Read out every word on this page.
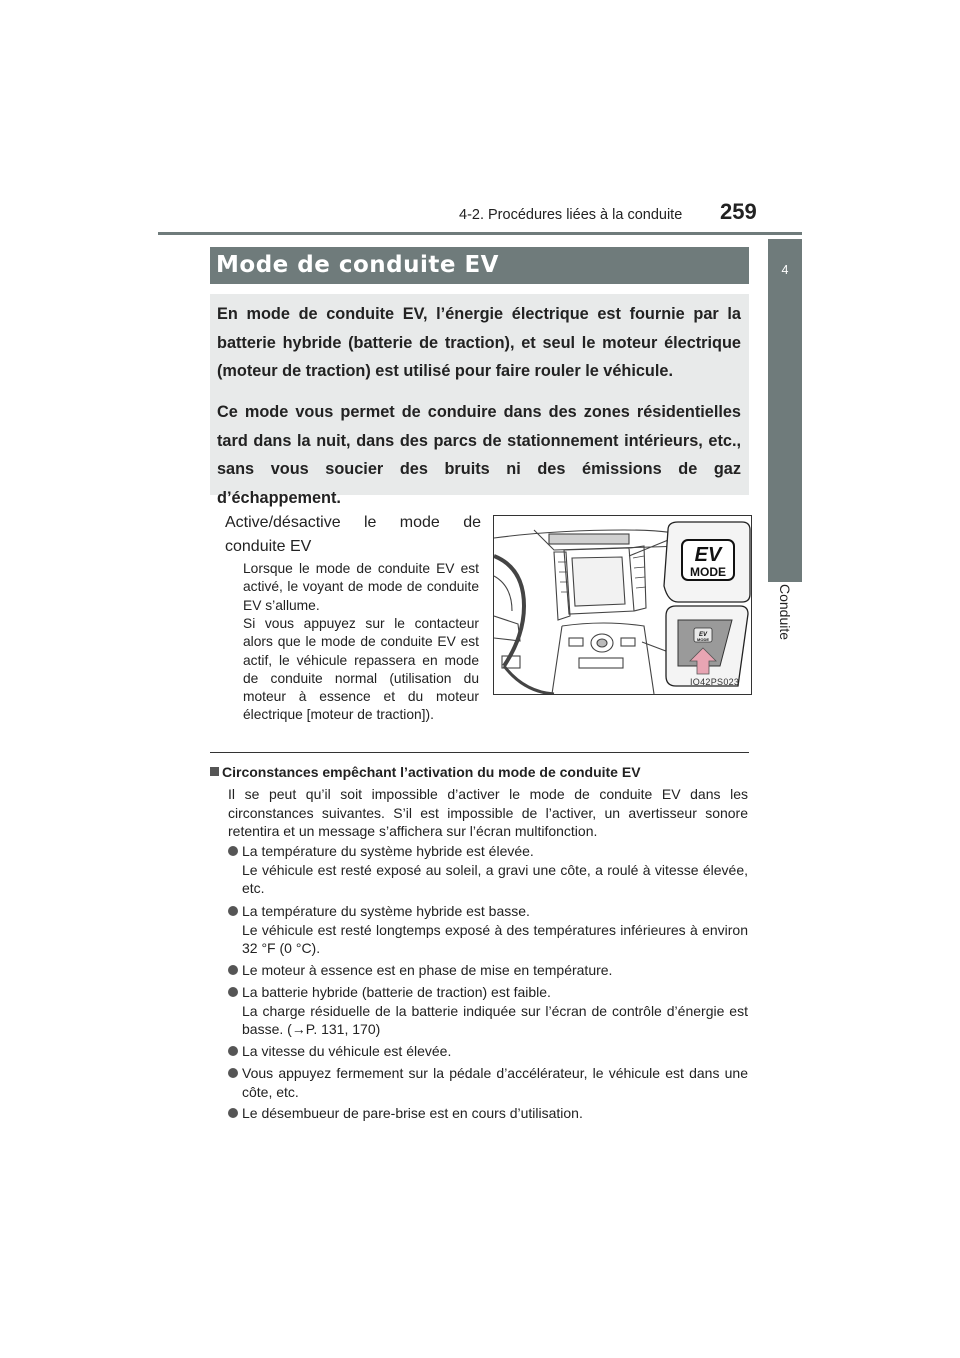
4-2. Procédures liées à la conduite 259
4
Conduite
Mode de conduite EV
En mode de conduite EV, l’énergie électrique est fournie par la batterie hybride (batterie de traction), et seul le moteur électrique (moteur de traction) est utilisé pour faire rouler le véhicule.
Ce mode vous permet de conduire dans des zones résidentielles tard dans la nuit, dans des parcs de stationnement intérieurs, etc., sans vous soucier des bruits ni des émissions de gaz d’échappement.
Active/désactive le mode de conduite EV
Lorsque le mode de conduite EV est activé, le voyant de mode de conduite EV s’allume.
Si vous appuyez sur le contacteur alors que le mode de conduite EV est actif, le véhicule repassera en mode de conduite normal (utilisation du moteur à essence et du moteur électrique [moteur de traction]).
EV
MODE
EV
MODE
IO42PS023
Circonstances empêchant l’activation du mode de conduite EV
Il se peut qu’il soit impossible d’activer le mode de conduite EV dans les circonstances suivantes. S’il est impossible de l’activer, un avertisseur sonore retentira et un message s’affichera sur l’écran multifonction.
La température du système hybride est élevée.
Le véhicule est resté exposé au soleil, a gravi une côte, a roulé à vitesse élevée, etc.
La température du système hybride est basse.
Le véhicule est resté longtemps exposé à des températures inférieures à environ 32 °F (0 °C).
Le moteur à essence est en phase de mise en température.
La batterie hybride (batterie de traction) est faible.
La charge résiduelle de la batterie indiquée sur l’écran de contrôle d’énergie est basse. (→P. 131, 170)
La vitesse du véhicule est élevée.
Vous appuyez fermement sur la pédale d’accélérateur, le véhicule est dans une côte, etc.
Le désembueur de pare-brise est en cours d’utilisation.
